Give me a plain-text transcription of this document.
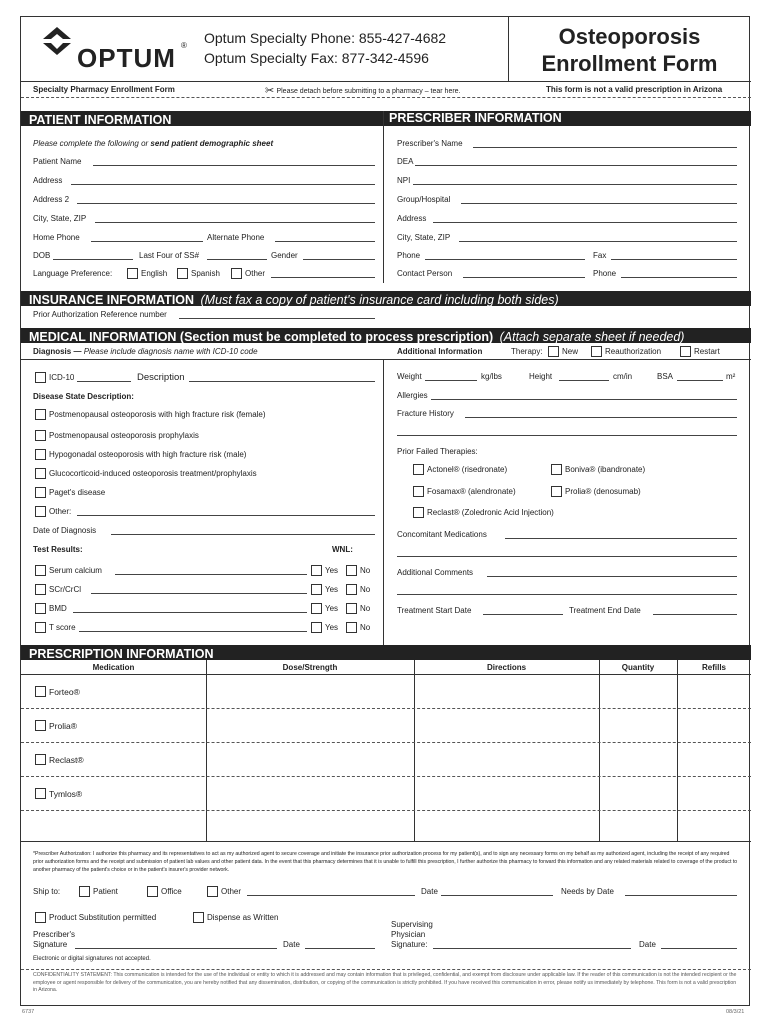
OPTUM ® Optum Specialty Phone: 855-427-4682
Optum Specialty Fax: 877-342-4596
Osteoporosis
Enrollment Form
Specialty Pharmacy Enrollment Form	✂ Please detach before submitting to a pharmacy – tear here.	This form is not a valid prescription in Arizona
PATIENT INFORMATION	PRESCRIBER INFORMATION
Please complete the following or send patient demographic sheet
Patient Name
Address
Address 2
City, State, ZIP
Home Phone	Alternate Phone
DOB	Last Four of SS#	Gender
Language Preference:	English	Spanish	Other
Prescriber's Name
DEA
NPI
Group/Hospital
Address
City, State, ZIP
Phone	Fax
Contact Person	Phone
INSURANCE INFORMATION (Must fax a copy of patient's insurance card including both sides)
Prior Authorization Reference number
MEDICAL INFORMATION (Section must be completed to process prescription) (Attach separate sheet if needed)
Diagnosis — Please include diagnosis name with ICD-10 code	Additional Information	Therapy: New	Reauthorization	Restart
ICD-10	Description
Disease State Description:
Postmenopausal osteoporosis with high fracture risk (female)
Postmenopausal osteoporosis prophylaxis
Hypogonadal osteoporosis with high fracture risk (male)
Glucocorticoid-induced osteoporosis treatment/prophylaxis
Paget's disease
Other:
Date of Diagnosis
Test Results:	WNL:
Serum calcium	Yes	No
SCr/CrCl	Yes	No
BMD	Yes	No
T score	Yes	No
Weight	kg/lbs	Height	cm/in	BSA	m²
Allergies
Fracture History
Prior Failed Therapies:
Actonel® (risedronate)	Boniva® (ibandronate)
Fosamax® (alendronate)	Prolia® (denosumab)
Reclast® (Zoledronic Acid Injection)
Concomitant Medications
Additional Comments
Treatment Start Date	Treatment End Date
PRESCRIPTION INFORMATION
Medication	Dose/Strength	Directions	Quantity	Refills
Forteo®
Prolia®
Reclast®
Tymlos®
*Prescriber Authorization: I authorize this pharmacy and its representatives to act as my authorized agent to secure coverage and initiate the insurance prior authorization process for my patient(s), and to sign any necessary forms on my behalf as my authorized agent, including the receipt of any required prior authorization forms and the receipt and submission of patient lab values and other patient data. In the event that this pharmacy determines that it is unable to fulfill this prescription, I further authorize this pharmacy to forward this information and any related materials related to coverage of the product to another pharmacy of the patient's choice or in the patient's insurer's provider network.
Ship to:	Patient	Office	Other	Date	Needs by Date
Product Substitution permitted	Dispense as Written
Prescriber's
Signature	Date
Supervising
Physician
Signature:	Date
Electronic or digital signatures not accepted.
CONFIDENTIALITY STATEMENT: This communication is intended for the use of the individual or entity to which it is addressed and may contain information that is privileged, confidential, and exempt from disclosure under applicable law. If the reader of this communication is not the intended recipient or the employee or agent responsible for delivery of the communication, you are hereby notified that any dissemination, distribution, or copying of the communication is strictly prohibited. If you have received this communication in error, please notify us immediately by telephone. This form is not a valid prescription in Arizona.
6737	08/3/21
